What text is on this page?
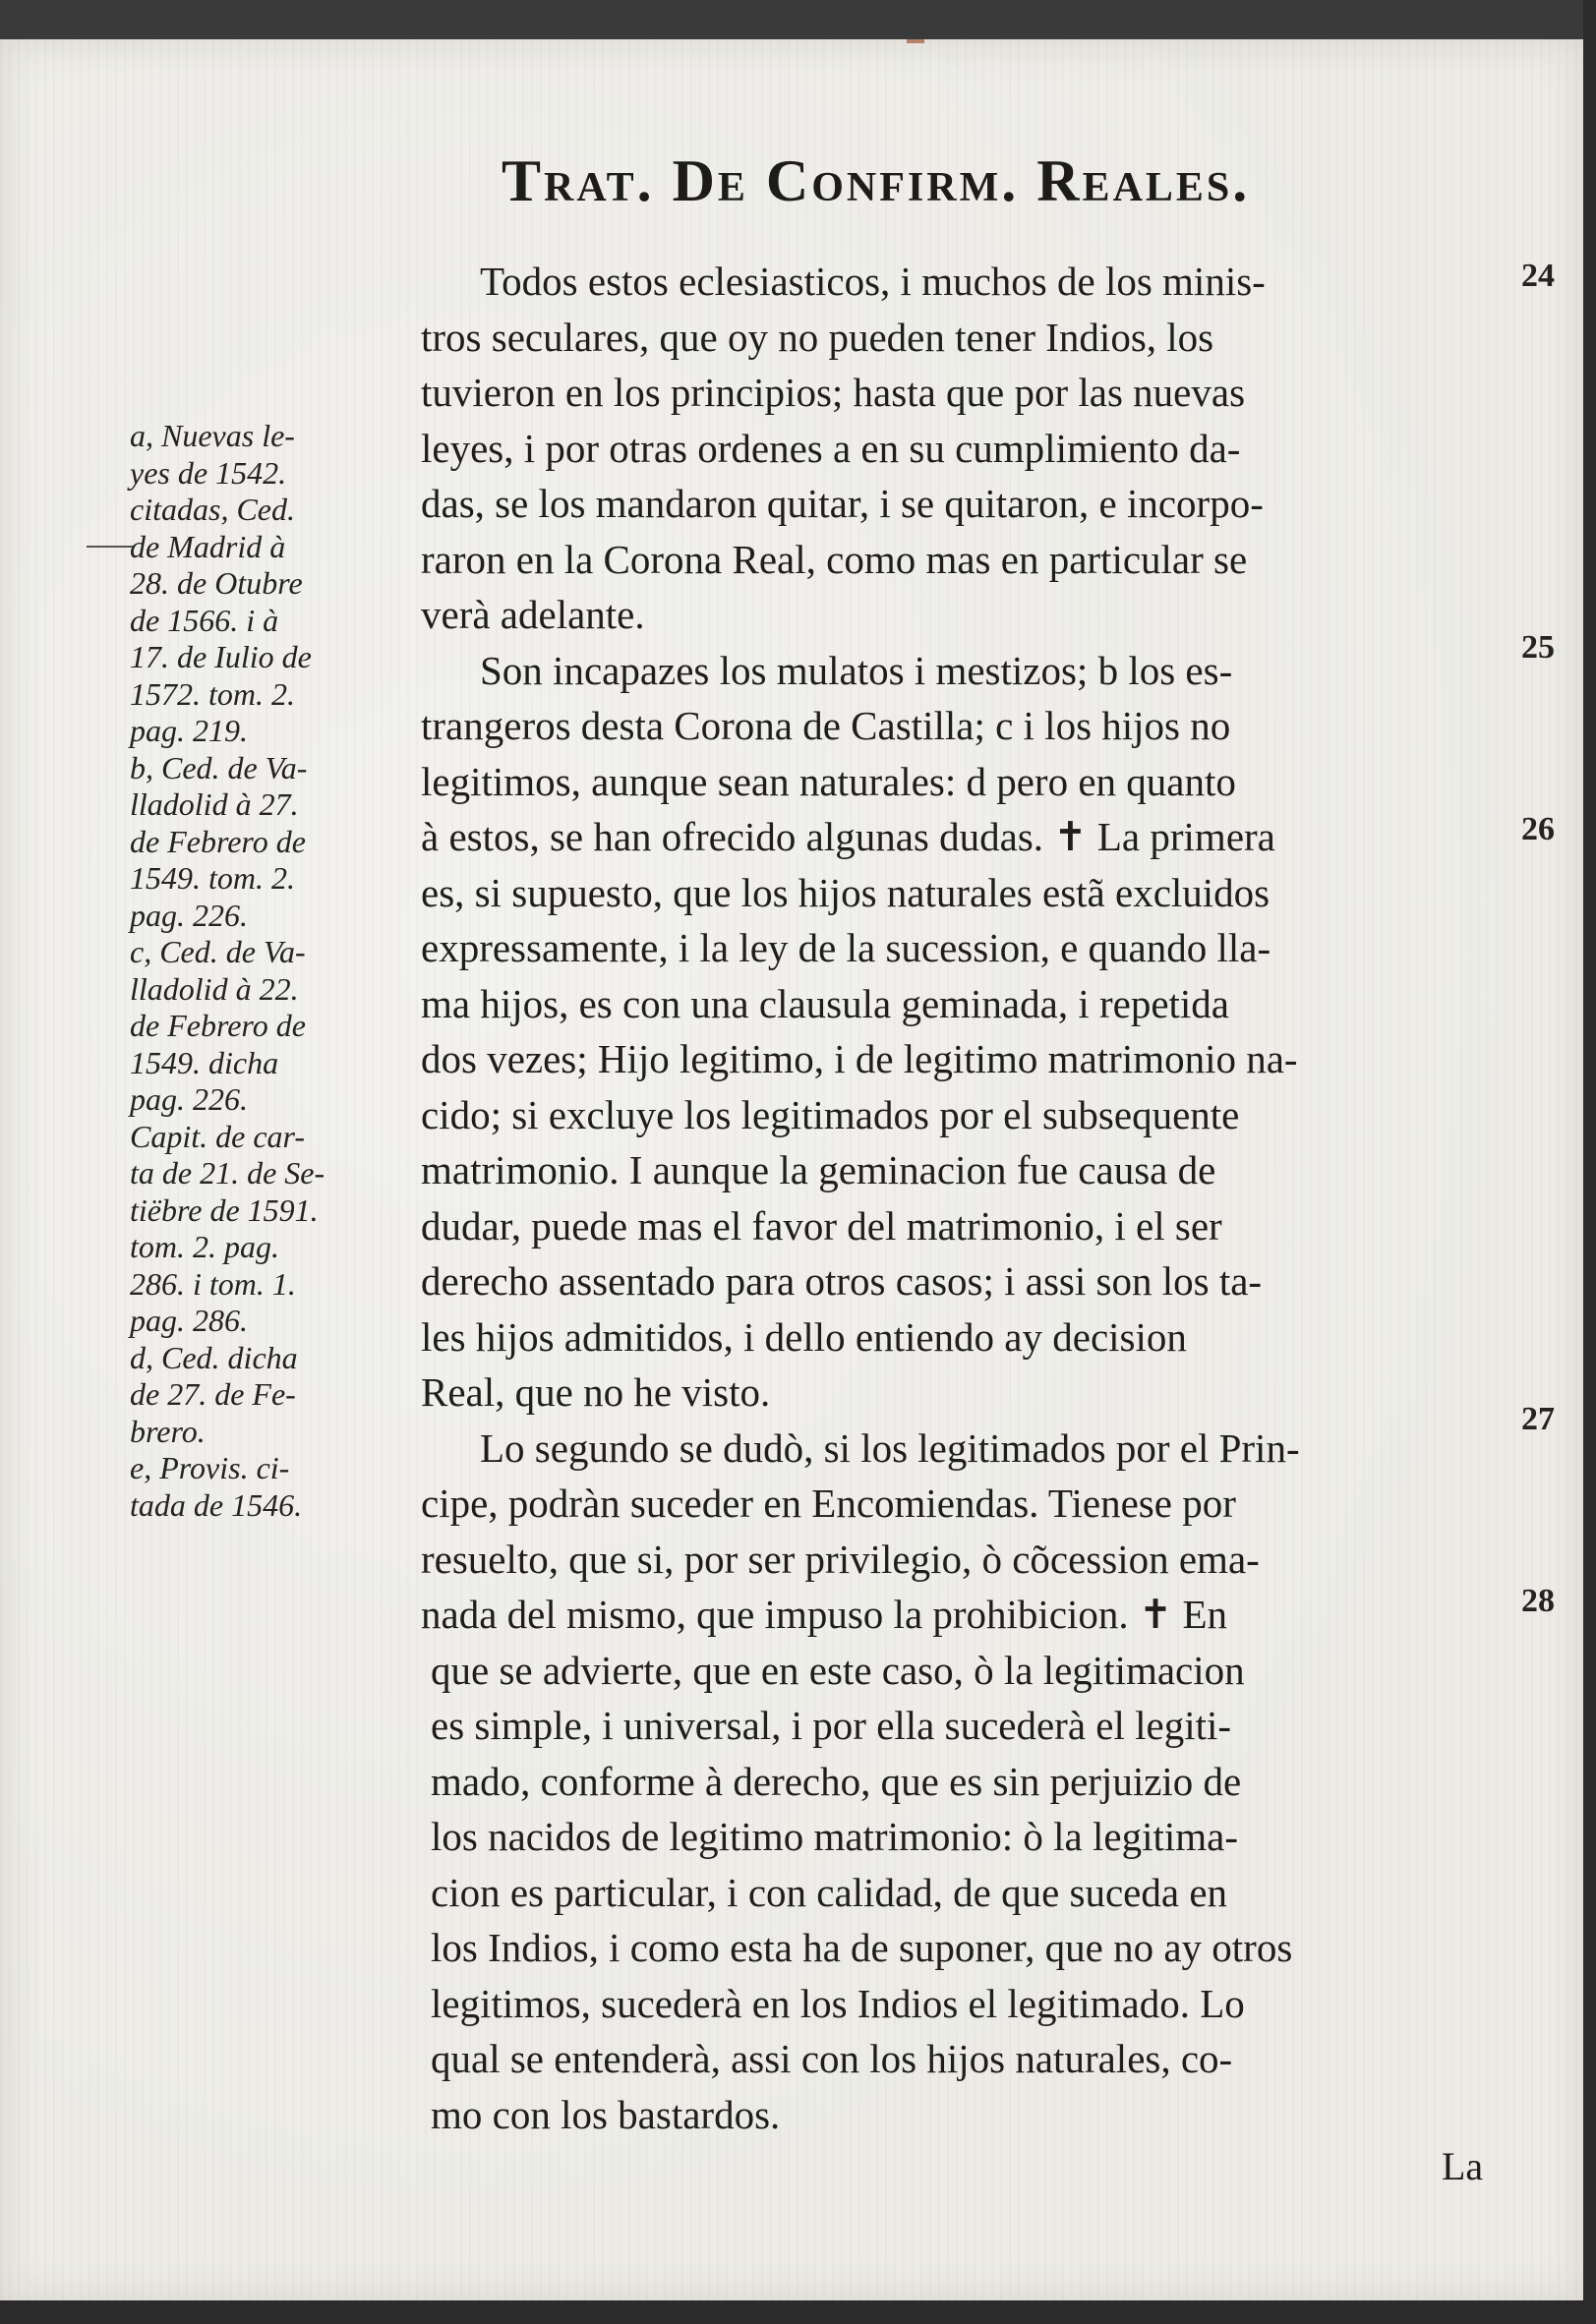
Trat. De Confirm. Reales.
Todos estos eclesiasticos, i muchos de los minis-
tros seculares, que oy no pueden tener Indios, los
tuvieron en los principios; hasta que por las nuevas
leyes, i por otras ordenes a en su cumplimiento da-
das, se los mandaron quitar, i se quitaron, e incorpo-
raron en la Corona Real, como mas en particular se
verà adelante.
Son incapazes los mulatos i mestizos; b los es-
trangeros desta Corona de Castilla; c i los hijos no
legitimos, aunque sean naturales: d pero en quanto
à estos, se han ofrecido algunas dudas. ✝ La primera
es, si supuesto, que los hijos naturales estã excluidos
expressamente, i la ley de la sucession, e quando lla-
ma hijos, es con una clausula geminada, i repetida
dos vezes; Hijo legitimo, i de legitimo matrimonio na-
cido; si excluye los legitimados por el subsequente
matrimonio. I aunque la geminacion fue causa de
dudar, puede mas el favor del matrimonio, i el ser
derecho assentado para otros casos; i assi son los ta-
les hijos admitidos, i dello entiendo ay decision
Real, que no he visto.
Lo segundo se dudò, si los legitimados por el Prin-
cipe, podràn suceder en Encomiendas. Tienese por
resuelto, que si, por ser privilegio, ò cõcession ema-
nada del mismo, que impuso la prohibicion. ✝ En
que se advierte, que en este caso, ò la legitimacion
es simple, i universal, i por ella sucederà el legiti-
mado, conforme à derecho, que es sin perjuizio de
los nacidos de legitimo matrimonio: ò la legitima-
cion es particular, i con calidad, de que suceda en
los Indios, i como esta ha de suponer, que no ay otros
legitimos, sucederà en los Indios el legitimado. Lo
qual se entenderà, assi con los hijos naturales, co-
mo con los bastardos.
La
a, Nuevas le-
yes de 1542.
citadas, Ced.
de Madrid à
28. de Otubre
de 1566. i à
17. de Iulio de
1572. tom. 2.
pag. 219.
b, Ced. de Va-
lladolid à 27.
de Febrero de
1549. tom. 2.
pag. 226.
c, Ced. de Va-
lladolid à 22.
de Febrero de
1549. dicha
pag. 226.
Capit. de car-
ta de 21. de Se-
tiëbre de 1591.
tom. 2. pag.
286. i tom. 1.
pag. 286.
d, Ced. dicha
de 27. de Fe-
brero.
e, Provis. ci-
tada de 1546.
24
25
26
27
28
